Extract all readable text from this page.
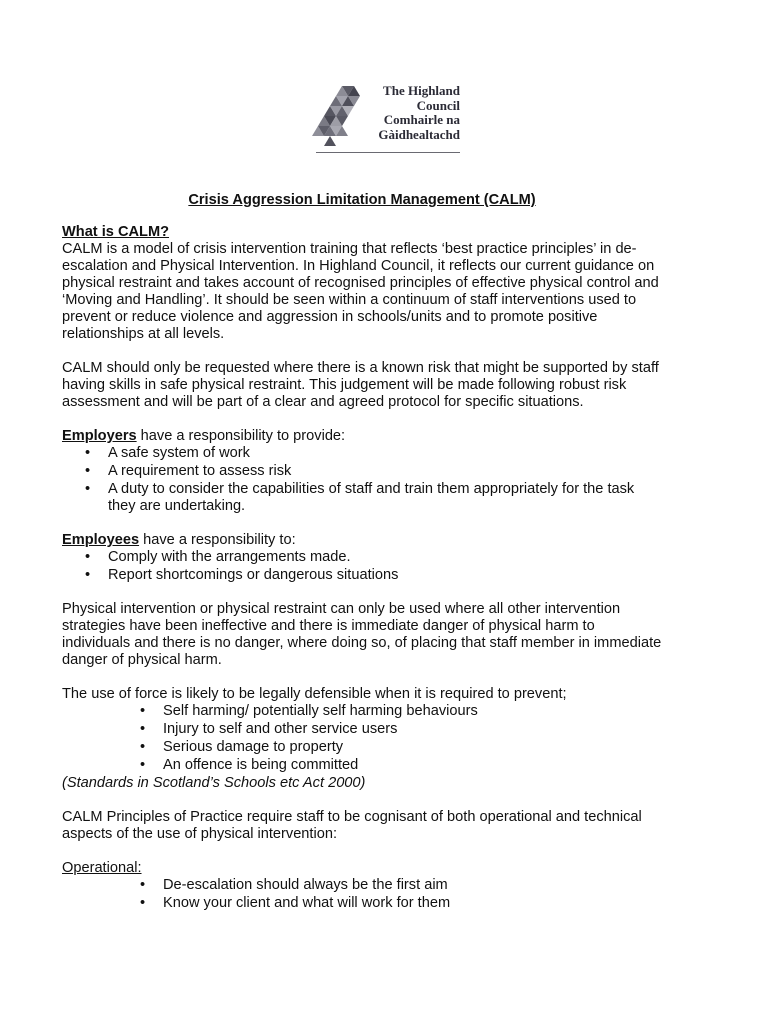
The Highland
Council
Comhairle na
Gàidhealtachd
Crisis Aggression Limitation Management (CALM)
What is CALM?

CALM is a model of crisis intervention training that reflects ‘best practice principles’ in de-escalation and Physical Intervention. In Highland Council, it reflects our current guidance on physical restraint and takes account of recognised principles of effective physical control and ‘Moving and Handling’. It should be seen within a continuum of staff interventions used to prevent or reduce violence and aggression in schools/units and to promote positive relationships at all levels.

CALM should only be requested where there is a known risk that might be supported by staff having skills in safe physical restraint. This judgement will be made following robust risk assessment and will be part of a clear and agreed protocol for specific situations.

Employers have a responsibility to provide:
• A safe system of work
• A requirement to assess risk
• A duty to consider the capabilities of staff and train them appropriately for the task they are undertaking.
Employees have a responsibility to:
• Comply with the arrangements made.
• Report shortcomings or dangerous situations

Physical intervention or physical restraint can only be used where all other intervention strategies have been ineffective and there is immediate danger of physical harm to individuals and there is no danger, where doing so, of placing that staff member in immediate danger of physical harm.

The use of force is likely to be legally defensible when it is required to prevent;
• Self harming/ potentially self harming behaviours
• Injury to self and other service users
• Serious damage to property
• An offence is being committed
(Standards in Scotland’s Schools etc Act 2000)

CALM Principles of Practice require staff to be cognisant of both operational and technical aspects of the use of physical intervention:

Operational:
• De-escalation should always be the first aim
• Know your client and what will work for them
